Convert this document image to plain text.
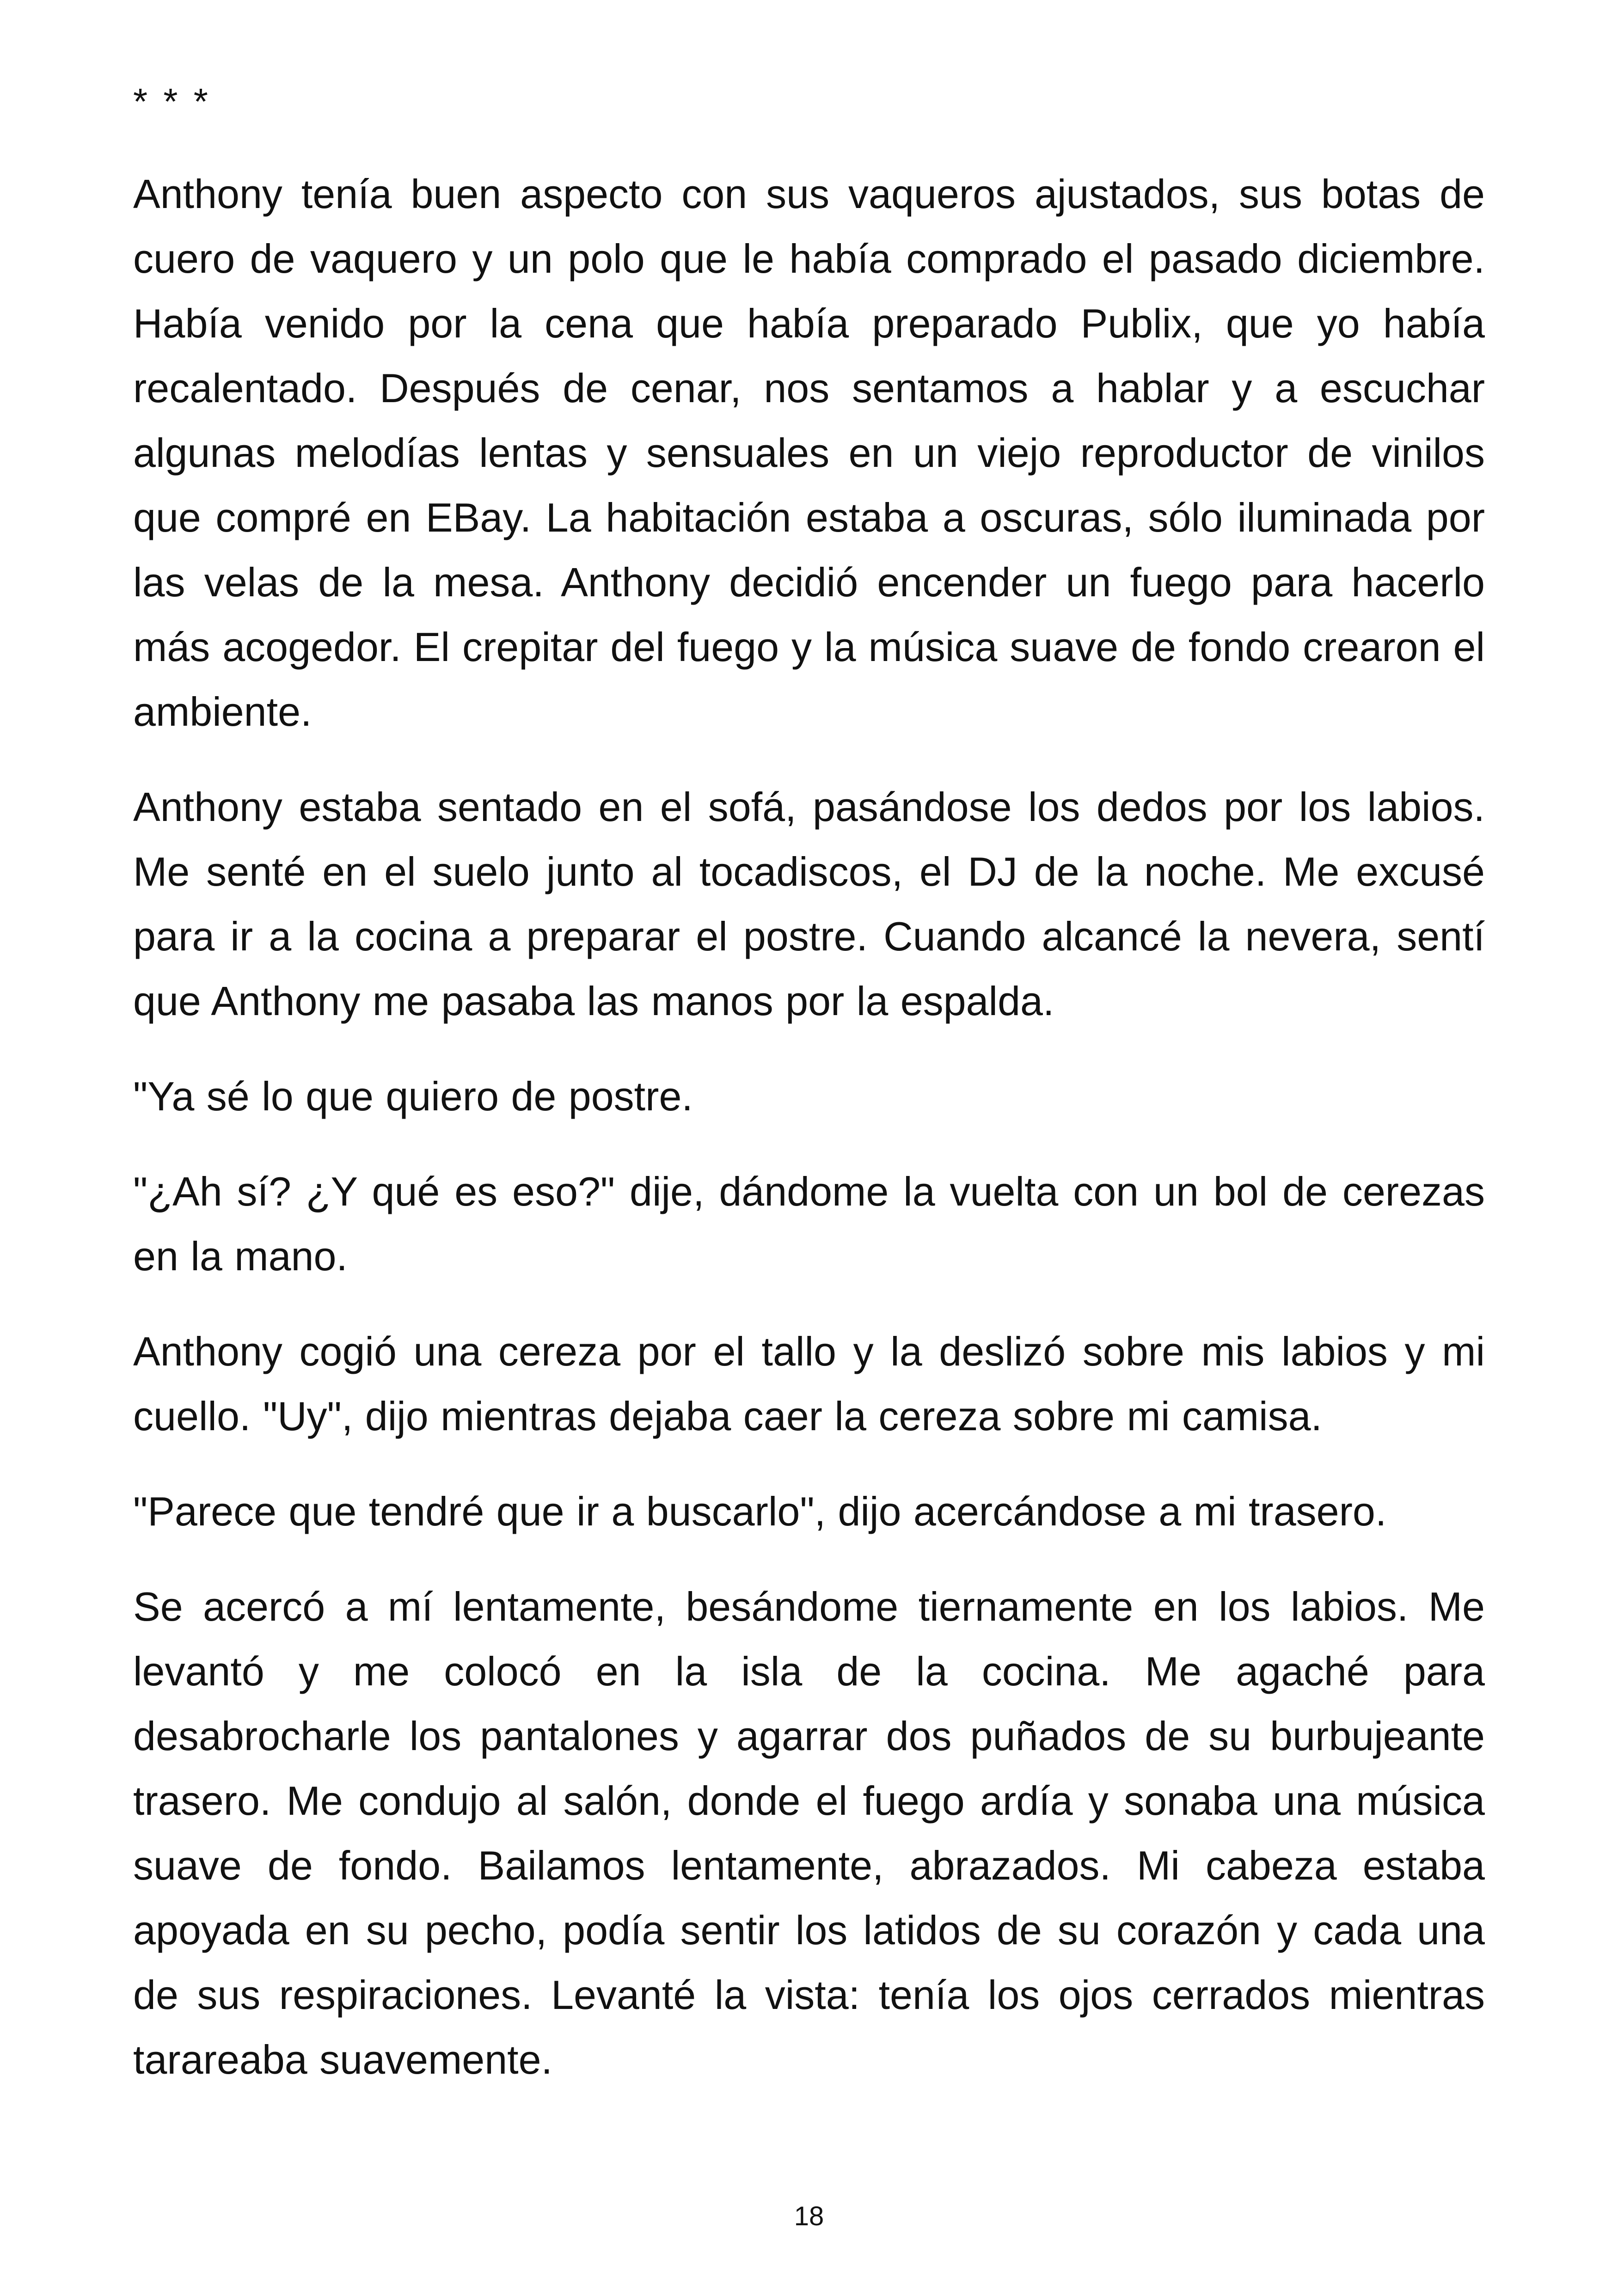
* * *

Anthony tenía buen aspecto con sus vaqueros ajustados, sus botas de cuero de vaquero y un polo que le había comprado el pasado diciembre. Había venido por la cena que había preparado Publix, que yo había recalentado. Después de cenar, nos sentamos a hablar y a escuchar algunas melodías lentas y sensuales en un viejo reproductor de vinilos que compré en EBay. La habitación estaba a oscuras, sólo iluminada por las velas de la mesa. Anthony decidió encender un fuego para hacerlo más acogedor. El crepitar del fuego y la música suave de fondo crearon el ambiente.

Anthony estaba sentado en el sofá, pasándose los dedos por los labios. Me senté en el suelo junto al tocadiscos, el DJ de la noche. Me excusé para ir a la cocina a preparar el postre. Cuando alcancé la nevera, sentí que Anthony me pasaba las manos por la espalda.

"Ya sé lo que quiero de postre.

"¿Ah sí? ¿Y qué es eso?" dije, dándome la vuelta con un bol de cerezas en la mano.

Anthony cogió una cereza por el tallo y la deslizó sobre mis labios y mi cuello. "Uy", dijo mientras dejaba caer la cereza sobre mi camisa.

"Parece que tendré que ir a buscarlo", dijo acercándose a mi trasero.

Se acercó a mí lentamente, besándome tiernamente en los labios. Me levantó y me colocó en la isla de la cocina. Me agaché para desabrocharle los pantalones y agarrar dos puñados de su burbujeante trasero. Me condujo al salón, donde el fuego ardía y sonaba una música suave de fondo. Bailamos lentamente, abrazados. Mi cabeza estaba apoyada en su pecho, podía sentir los latidos de su corazón y cada una de sus respiraciones. Levanté la vista: tenía los ojos cerrados mientras tarareaba suavemente.

18
